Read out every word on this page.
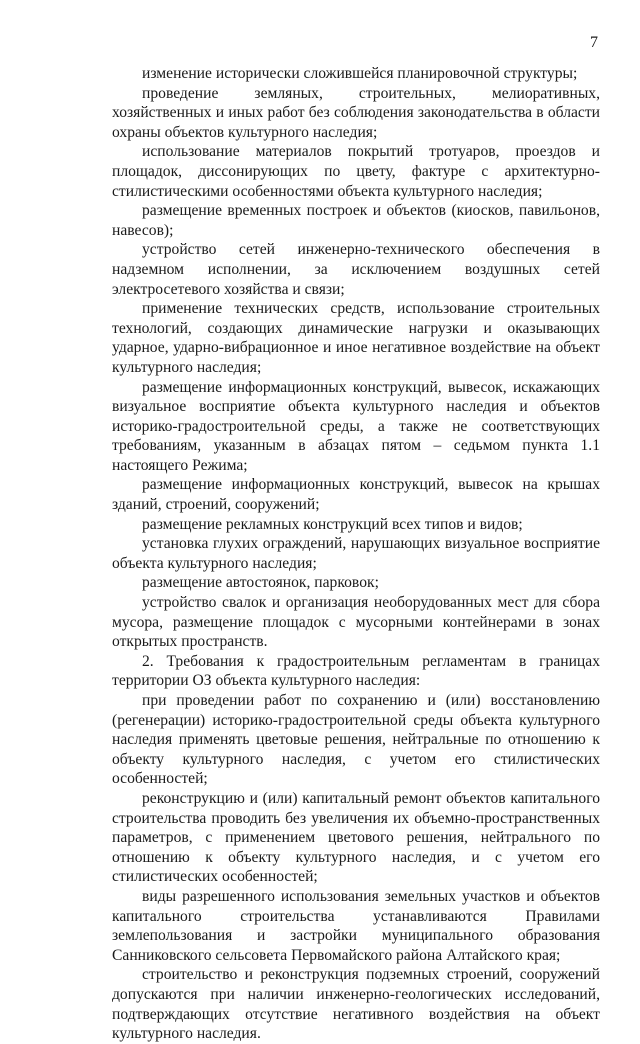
7

изменение исторически сложившейся планировочной структуры;

проведение земляных, строительных, мелиоративных, хозяйственных и иных работ без соблюдения законодательства в области охраны объектов культурного наследия;

использование материалов покрытий тротуаров, проездов и площадок, диссонирующих по цвету, фактуре с архитектурно-стилистическими особенностями объекта культурного наследия;

размещение временных построек и объектов (киосков, павильонов, навесов);

устройство сетей инженерно-технического обеспечения в надземном исполнении, за исключением воздушных сетей электросетевого хозяйства и связи;

применение технических средств, использование строительных технологий, создающих динамические нагрузки и оказывающих ударное, ударно-вибрационное и иное негативное воздействие на объект культурного наследия;

размещение информационных конструкций, вывесок, искажающих визуальное восприятие объекта культурного наследия и объектов историко-градостроительной среды, а также не соответствующих требованиям, указанным в абзацах пятом – седьмом пункта 1.1 настоящего Режима;

размещение информационных конструкций, вывесок на крышах зданий, строений, сооружений;

размещение рекламных конструкций всех типов и видов;

установка глухих ограждений, нарушающих визуальное восприятие объекта культурного наследия;

размещение автостоянок, парковок;

устройство свалок и организация необорудованных мест для сбора мусора, размещение площадок с мусорными контейнерами в зонах открытых пространств.

2. Требования к градостроительным регламентам в границах территории ОЗ объекта культурного наследия:

при проведении работ по сохранению и (или) восстановлению (регенерации) историко-градостроительной среды объекта культурного наследия применять цветовые решения, нейтральные по отношению к объекту культурного наследия, с учетом его стилистических особенностей;

реконструкцию и (или) капитальный ремонт объектов капитального строительства проводить без увеличения их объемно-пространственных параметров, с применением цветового решения, нейтрального по отношению к объекту культурного наследия, и с учетом его стилистических особенностей;

виды разрешенного использования земельных участков и объектов капитального строительства устанавливаются Правилами землепользования и застройки муниципального образования Санниковского сельсовета Первомайского района Алтайского края;

строительство и реконструкция подземных строений, сооружений допускаются при наличии инженерно-геологических исследований, подтверждающих отсутствие негативного воздействия на объект культурного наследия.
